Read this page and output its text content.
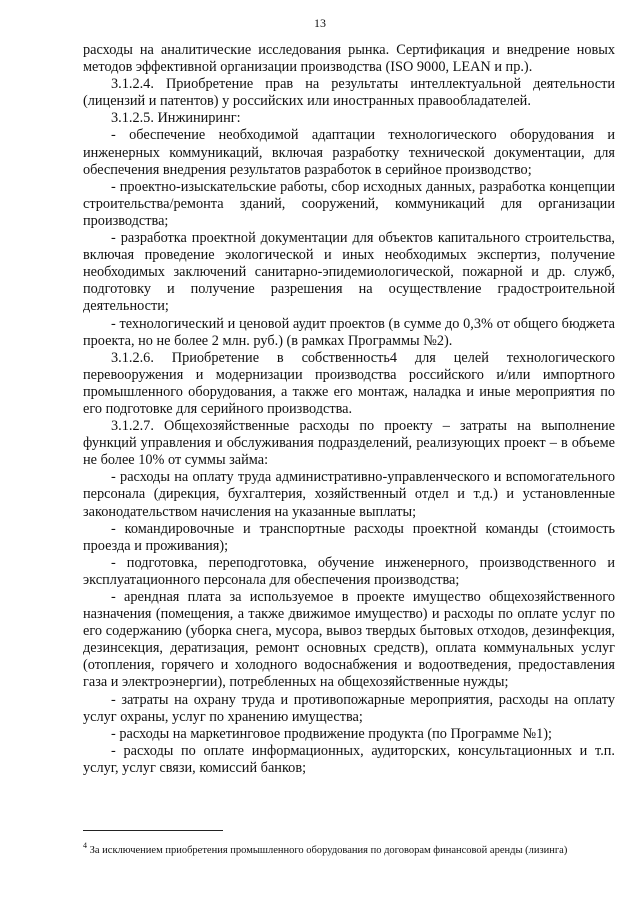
13

расходы на аналитические исследования рынка. Сертификация и внедрение новых методов эффективной организации производства (ISO 9000, LEAN и пр.).

3.1.2.4. Приобретение прав на результаты интеллектуальной деятельности (лицензий и патентов) у российских или иностранных правообладателей.

3.1.2.5. Инжиниринг:

- обеспечение необходимой адаптации технологического оборудования и инженерных коммуникаций, включая разработку технической документации, для обеспечения внедрения результатов разработок в серийное производство;

- проектно-изыскательские работы, сбор исходных данных, разработка концепции строительства/ремонта зданий, сооружений, коммуникаций для организации производства;

- разработка проектной документации для объектов капитального строительства, включая проведение экологической и иных необходимых экспертиз, получение необходимых заключений санитарно-эпидемиологической, пожарной и др. служб, подготовку и получение разрешения на осуществление градостроительной деятельности;

- технологический и ценовой аудит проектов (в сумме до 0,3% от общего бюджета проекта, но не более 2 млн. руб.) (в рамках Программы №2).

3.1.2.6. Приобретение в собственность4 для целей технологического перевооружения и модернизации производства российского и/или импортного промышленного оборудования, а также его монтаж, наладка и иные мероприятия по его подготовке для серийного производства.

3.1.2.7. Общехозяйственные расходы по проекту – затраты на выполнение функций управления и обслуживания подразделений, реализующих проект – в объеме не более 10% от суммы займа:

- расходы на оплату труда административно-управленческого и вспомогательного персонала (дирекция, бухгалтерия, хозяйственный отдел и т.д.) и установленные законодательством начисления на указанные выплаты;

- командировочные и транспортные расходы проектной команды (стоимость проезда и проживания);

- подготовка, переподготовка, обучение инженерного, производственного и эксплуатационного персонала для обеспечения производства;

- арендная плата за используемое в проекте имущество общехозяйственного назначения (помещения, а также движимое имущество) и расходы по оплате услуг по его содержанию (уборка снега, мусора, вывоз твердых бытовых отходов, дезинфекция, дезинсекция, дератизация, ремонт основных средств), оплата коммунальных услуг (отопления, горячего и холодного водоснабжения и водоотведения, предоставления газа и электроэнергии), потребленных на общехозяйственные нужды;

- затраты на охрану труда и противопожарные мероприятия, расходы на оплату услуг охраны, услуг по хранению имущества;

- расходы на маркетинговое продвижение продукта (по Программе №1);

- расходы по оплате информационных, аудиторских, консультационных и т.п. услуг, услуг связи, комиссий банков;

$^4$ За исключением приобретения промышленного оборудования по договорам финансовой аренды (лизинга)
